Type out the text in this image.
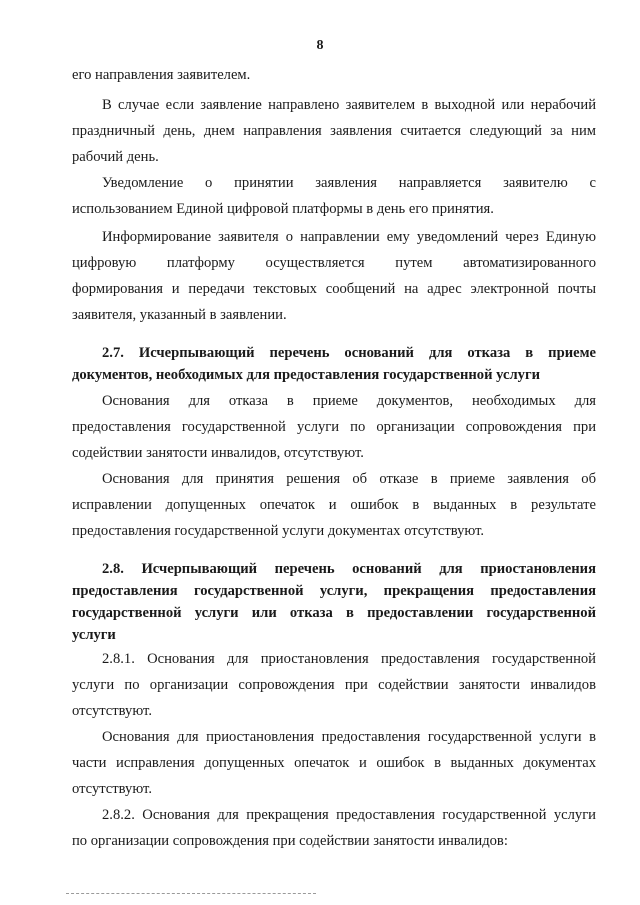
8
его направления заявителем.
В случае если заявление направлено заявителем в выходной или нерабочий
праздничный день, днем направления заявления считается следующий за ним
рабочий день.
Уведомление о принятии заявления направляется заявителю с
использованием Единой цифровой платформы в день его принятия.
Информирование заявителя о направлении ему уведомлений через Единую
цифровую платформу осуществляется путем автоматизированного
формирования и передачи текстовых сообщений на адрес электронной почты
заявителя, указанный в заявлении.
2.7. Исчерпывающий перечень оснований для отказа в приеме
документов, необходимых для предоставления государственной услуги
Основания для отказа в приеме документов, необходимых для
предоставления государственной услуги по организации сопровождения при
содействии занятости инвалидов, отсутствуют.
Основания для принятия решения об отказе в приеме заявления об
исправлении допущенных опечаток и ошибок в выданных в результате
предоставления государственной услуги документах отсутствуют.
2.8. Исчерпывающий перечень оснований для приостановления
предоставления государственной услуги, прекращения предоставления
государственной услуги или отказа в предоставлении государственной
услуги
2.8.1. Основания для приостановления предоставления государственной
услуги по организации сопровождения при содействии занятости инвалидов
отсутствуют.
Основания для приостановления предоставления государственной услуги в
части исправления допущенных опечаток и ошибок в выданных документах
отсутствуют.
2.8.2. Основания для прекращения предоставления государственной услуги
по организации сопровождения при содействии занятости инвалидов:
